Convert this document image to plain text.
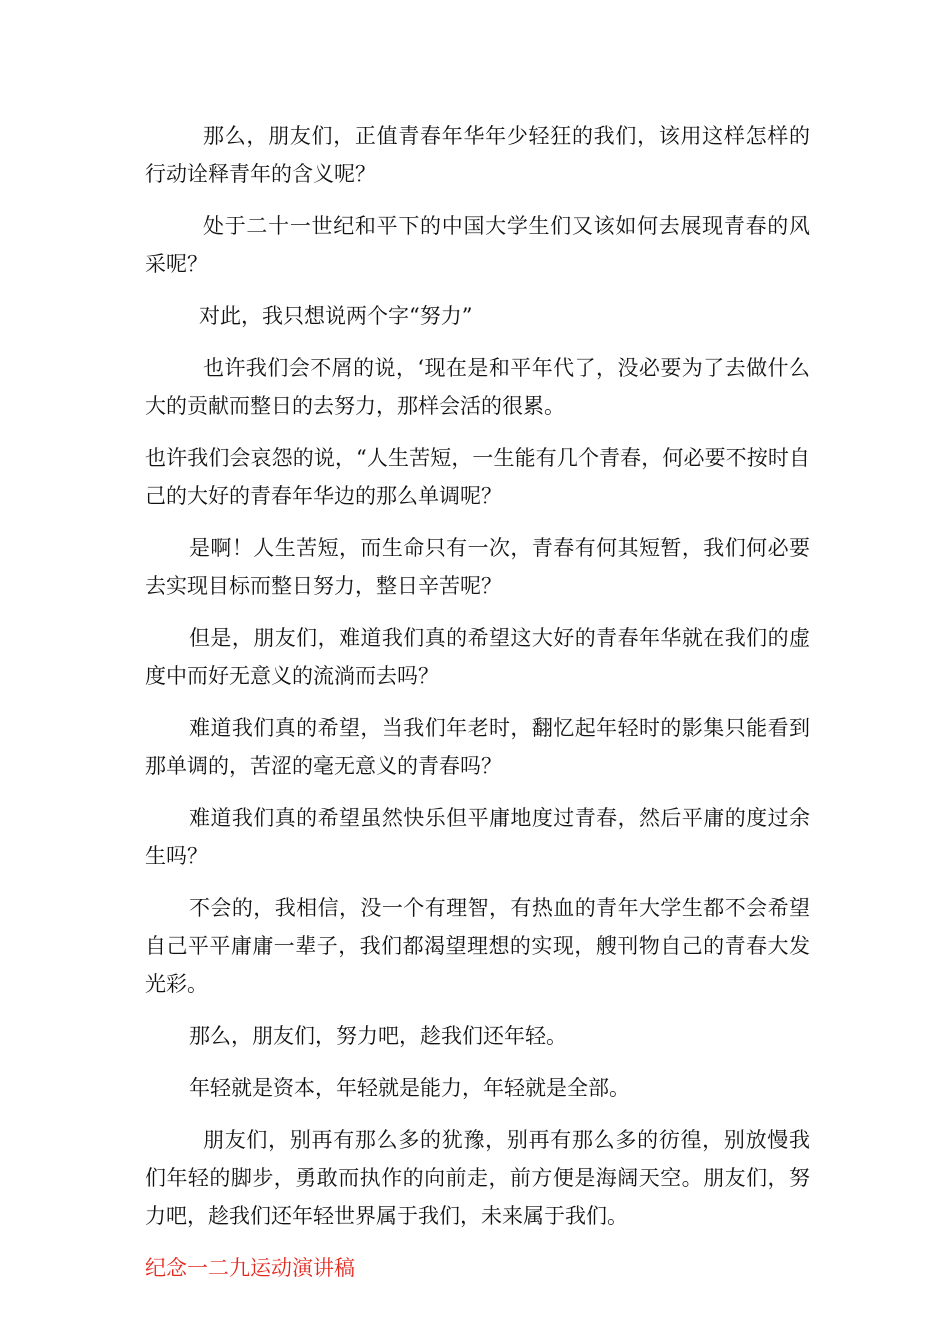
那么，朋友们，正值青春年华年少轻狂的我们，该用这样怎样的行动诠释青年的含义呢？

处于二十一世纪和平下的中国大学生们又该如何去展现青春的风采呢？

对此，我只想说两个字“努力”

也许我们会不屑的说，‘现在是和平年代了，没必要为了去做什么大的贡献而整日的去努力，那样会活的很累。

也许我们会哀怨的说，“人生苦短，一生能有几个青春，何必要不按时自己的大好的青春年华边的那么单调呢？

是啊！人生苦短，而生命只有一次，青春有何其短暂，我们何必要去实现目标而整日努力，整日辛苦呢？

但是，朋友们，难道我们真的希望这大好的青春年华就在我们的虚度中而好无意义的流淌而去吗？

难道我们真的希望，当我们年老时，翻忆起年轻时的影集只能看到那单调的，苦涩的毫无意义的青春吗？

难道我们真的希望虽然快乐但平庸地度过青春，然后平庸的度过余生吗？

不会的，我相信，没一个有理智，有热血的青年大学生都不会希望自己平平庸庸一辈子，我们都渴望理想的实现，艘刊物自己的青春大发光彩。

那么，朋友们，努力吧，趁我们还年轻。

年轻就是资本，年轻就是能力，年轻就是全部。

朋友们，别再有那么多的犹豫，别再有那么多的彷徨，别放慢我们年轻的脚步，勇敢而执作的向前走，前方便是海阔天空。朋友们，努力吧，趁我们还年轻世界属于我们，未来属于我们。

纪念一二九运动演讲稿
